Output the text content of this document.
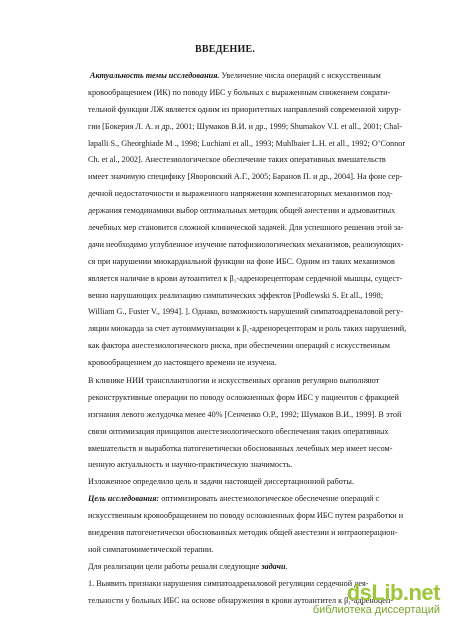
ВВЕДЕНИЕ.
Актуальность темы исследования. Увеличение числа операций с искусственным
кровообращением (ИК) по поводу ИБС у больных с выраженным снижением сократи-
тельной функции ЛЖ является одним из приоритетных направлений современной хирур-
гии [Бокерия Л. А. и др., 2001; Шумаков В.И. и др., 1999; Shumakov V.I. et all., 2001; Chal-
lapalli S., Gheorghiade M ., 1998; Luchiani et all., 1993; Muhlbaier L.H. et all., 1992; O’Connor
Ch. et al., 2002]. Анестезиологическое обеспечение таких оперативных вмешательств
имеет значимую специфику [Яворовский А.Г., 2005; Баранов П. и др., 2004]. На фоне сер-
дечной недостаточности и выраженного напряжения компенсаторных механизмов под-
держания гемодинамики выбор оптимальных методик общей анестезии и адъювантных
лечебных мер становится сложной клинической задачей. Для успешного решения этой за-
дачи необходимо углубленное изучение патофизиологических механизмов, реализующих-
ся при нарушении миокардиальной функции на фоне ИБС. Одним из таких механизмов
является наличие в крови аутоантител к β₁-адренорецепторам сердечной мышцы, сущест-
венно нарушающих реализацию симпатических эффектов [Podlewski S. Et all., 1998;
William G., Fuster V., 1994]. ]. Однако, возможность нарушений симпатоадреналовой регу-
ляции миокарда за счет аутоиммунизации к β₁-адренорецепторам и роль таких нарушений,
как фактора анестезиологического риска, при обеспечении операций с искусственным
кровообращением до настоящего времени не изучена.
В клинике НИИ трансплантологии и искусственных органов регулярно выполняют
реконструктивные операции по поводу осложненных форм ИБС у пациентов с фракцией
изгнания левого желудочка менее 40% [Сенченко О.Р., 1992; Шумаков В.И., 1999]. В этой
связи оптимизация принципов анестезиологического обеспечения таких оперативных
вмешательств и выработка патогенетически обоснованных лечебных мер имеет несом-
ненную актуальность и научно-практическую значимость.
Изложенное определило цель и задачи настоящей диссертационной работы.
Цель исследования: оптимизировать анестезиологическое обеспечение операций с
искусственным кровообращением по поводу осложненных форм ИБС путем разработки и
внедрения патогенетически обоснованных методик общей анестезии и интраоперацион-
ной симпатомиметической терапии.
Для реализации цели работы решали следующие задачи.
1. Выявить признаки нарушения симпатоадреналовой регуляции сердечной дея-
тельности у больных ИБС на основе обнаружения в крови аутоантител к β₁-адреноцеп-
dsLib.net
библиотека диссертаций
